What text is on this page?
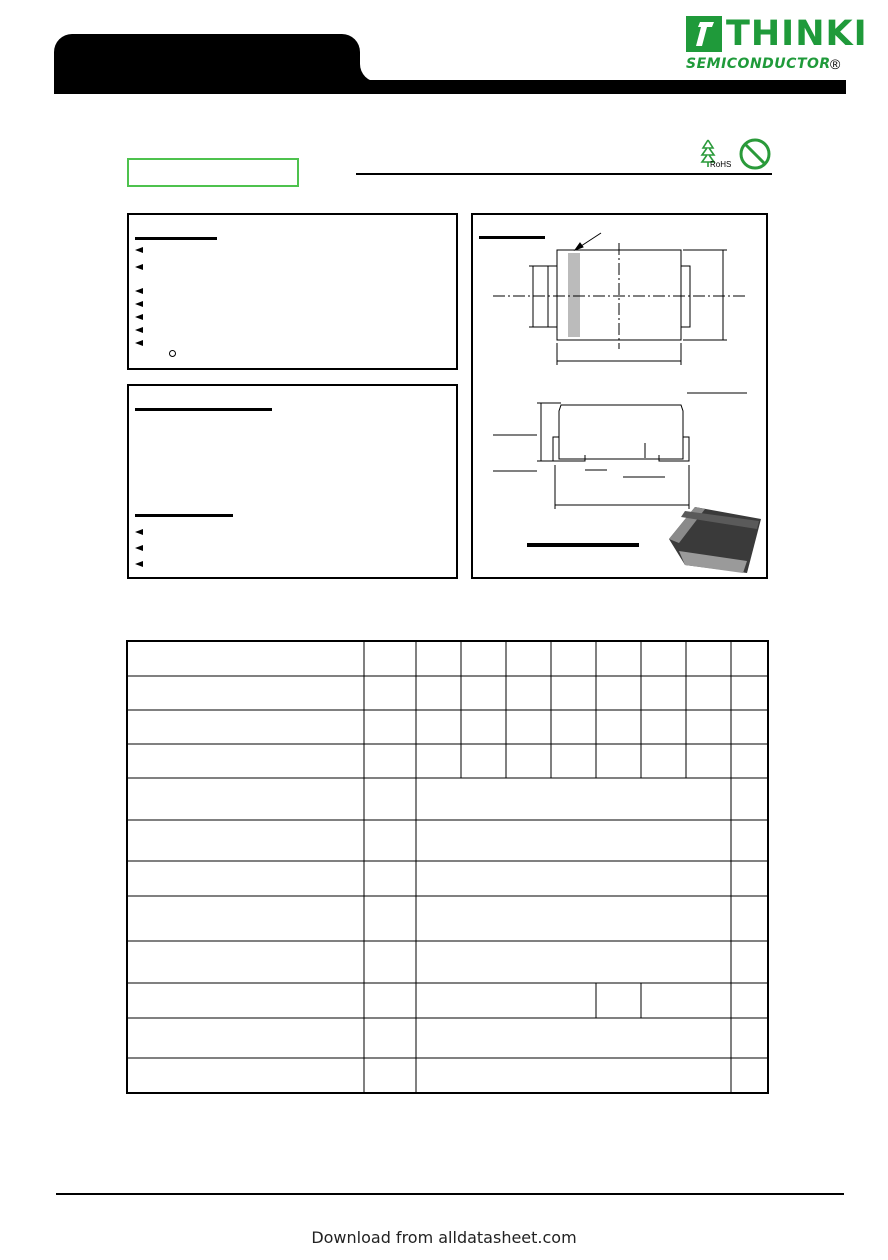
THINKI
SEMICONDUCTOR ®
RoHS
Download from alldatasheet.com
